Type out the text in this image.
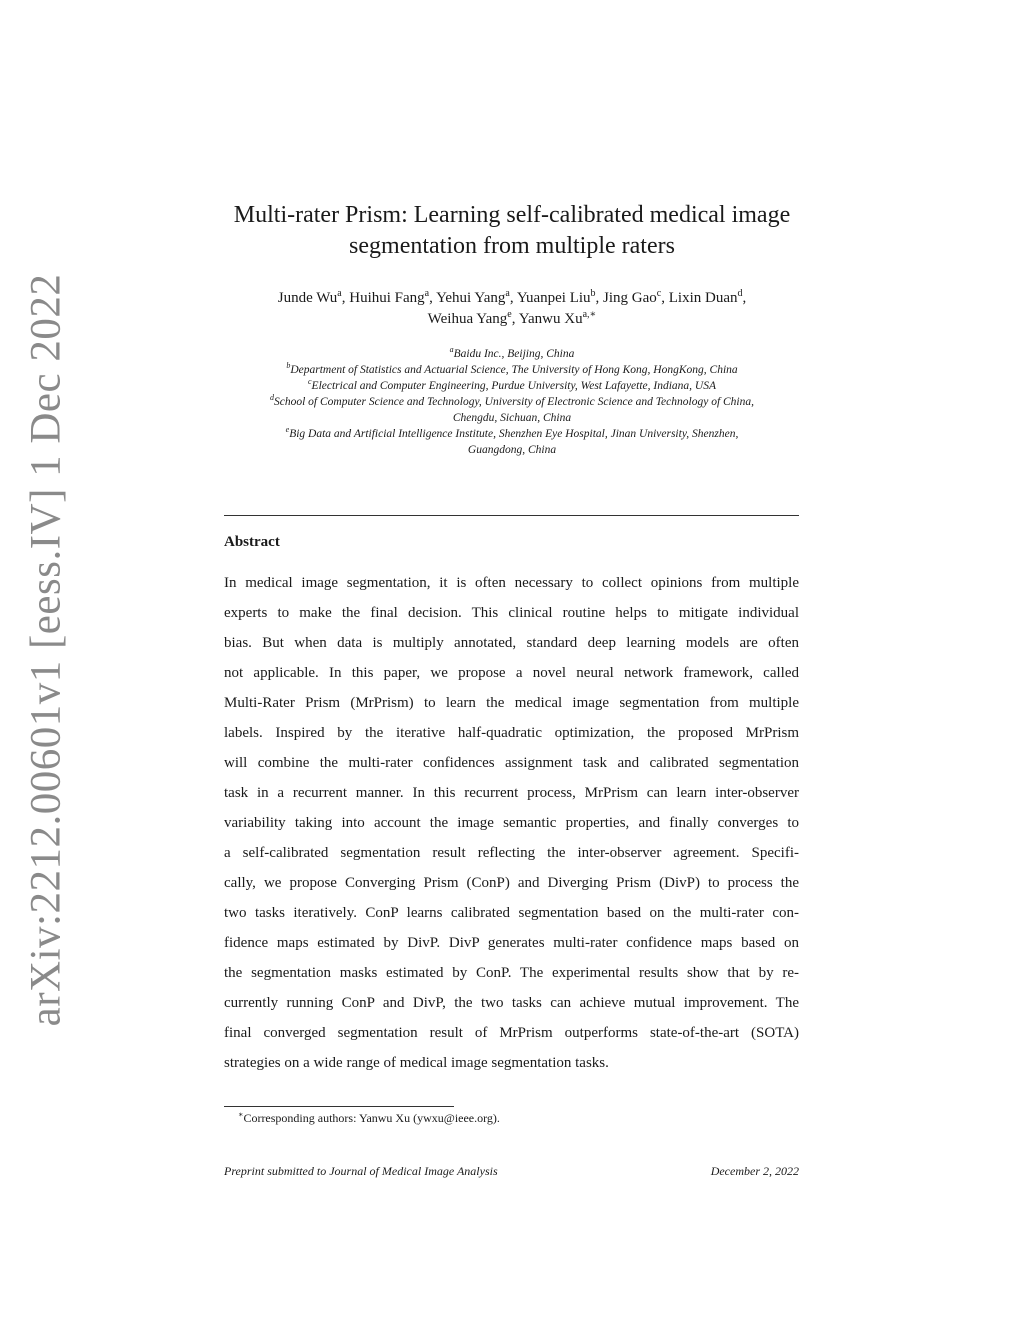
arXiv:2212.00601v1 [eess.IV] 1 Dec 2022
Multi-rater Prism: Learning self-calibrated medical image
segmentation from multiple raters
Junde Wu$^a$, Huihui Fang$^a$, Yehui Yang$^a$, Yuanpei Liu$^b$, Jing Gao$^c$, Lixin Duan$^d$,
Weihua Yang$^e$, Yanwu $Xu^{a,∗}$
$^a$Baidu Inc., Beijing, China
$^b$Department of Statistics and Actuarial Science, The University of Hong Kong, HongKong, China
$^c$Electrical and Computer Engineering, Purdue University, West Lafayette, Indiana, USA
$^d$School of Computer Science and Technology, University of Electronic Science and Technology of China,
Chengdu, Sichuan, China
$^e$Big Data and Artificial Intelligence Institute, Shenzhen Eye Hospital, Jinan University, Shenzhen,
Guangdong, China
Abstract
In medical image segmentation, it is often necessary to collect opinions from multiple
experts to make the final decision. This clinical routine helps to mitigate individual
bias. But when data is multiply annotated, standard deep learning models are often
not applicable. In this paper, we propose a novel neural network framework, called
Multi-Rater Prism (MrPrism) to learn the medical image segmentation from multiple
labels. Inspired by the iterative half-quadratic optimization, the proposed MrPrism
will combine the multi-rater confidences assignment task and calibrated segmentation
task in a recurrent manner. In this recurrent process, MrPrism can learn inter-observer
variability taking into account the image semantic properties, and finally converges to
a self-calibrated segmentation result reflecting the inter-observer agreement. Specifi-
cally, we propose Converging Prism (ConP) and Diverging Prism (DivP) to process the
two tasks iteratively. ConP learns calibrated segmentation based on the multi-rater con-
fidence maps estimated by DivP. DivP generates multi-rater confidence maps based on
the segmentation masks estimated by ConP. The experimental results show that by re-
currently running ConP and DivP, the two tasks can achieve mutual improvement. The
final converged segmentation result of MrPrism outperforms state-of-the-art (SOTA)
strategies on a wide range of medical image segmentation tasks.
∗Corresponding authors: Yanwu Xu (ywxu@ieee.org).
Preprint submitted to Journal of Medical Image Analysis	December 2, 2022
